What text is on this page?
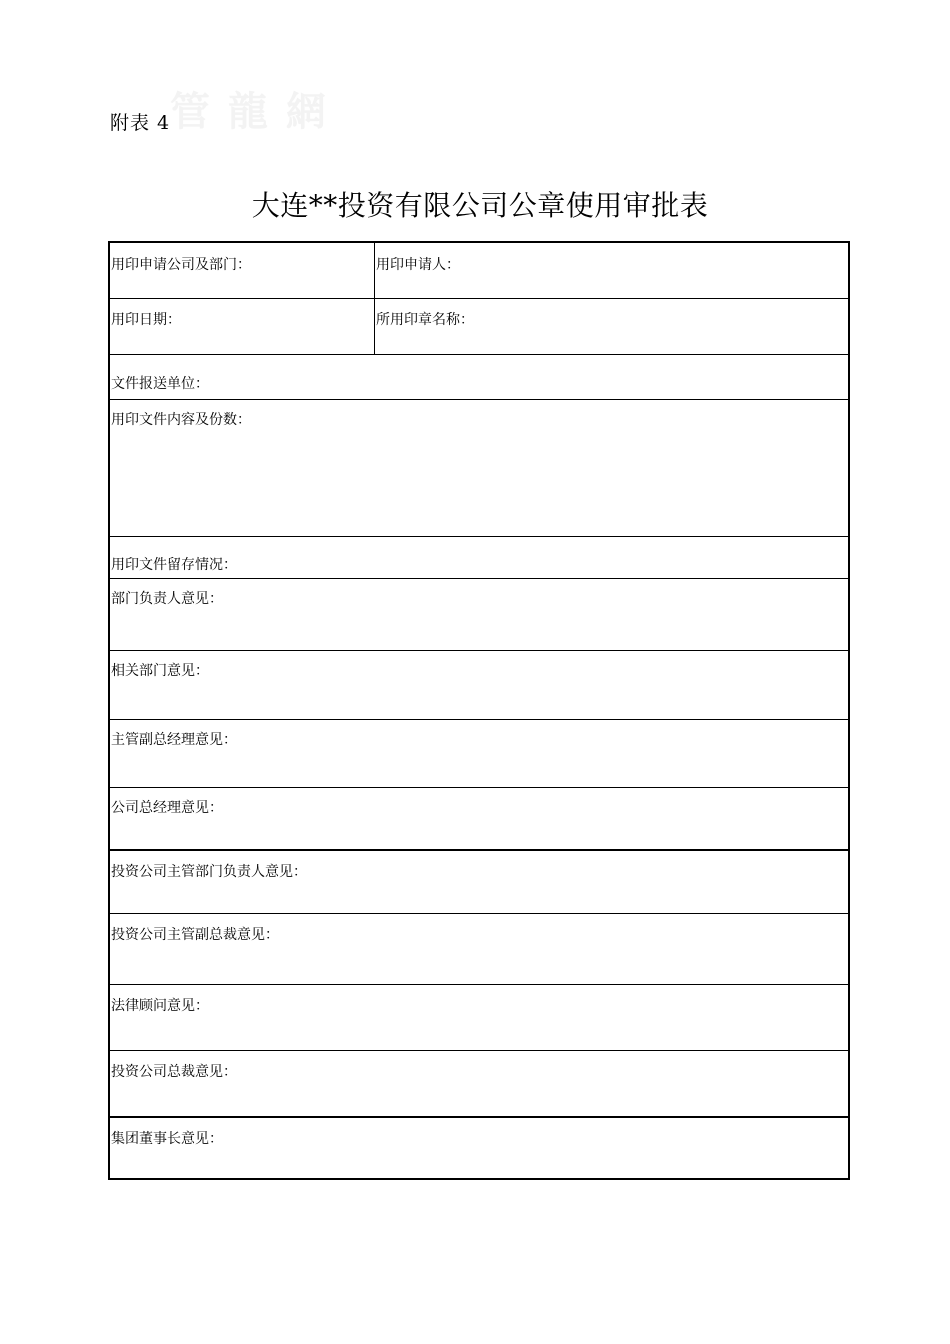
管 龍 網
附表 4
大连**投资有限公司公章使用审批表
用印申请公司及部门：	用印申请人：
用印日期：	所用印章名称：
文件报送单位：
用印文件内容及份数：
用印文件留存情况：
部门负责人意见：
相关部门意见：
主管副总经理意见：
公司总经理意见：
投资公司主管部门负责人意见：
投资公司主管副总裁意见：
法律顾问意见：
投资公司总裁意见：
集团董事长意见：
